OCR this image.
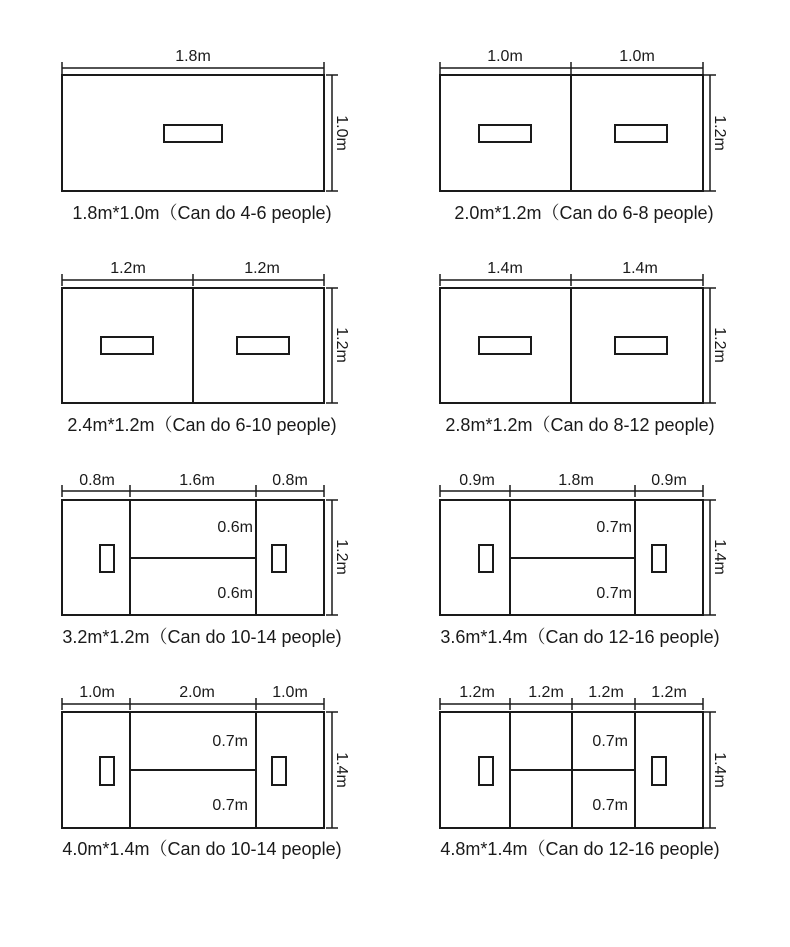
1.8m
1.0m
1.8m*1.0m（Can do 4-6 people)
1.0m	1.0m
1.2m
2.0m*1.2m（Can do 6-8 people)
1.2m	1.2m
1.2m
2.4m*1.2m（Can do 6-10 people)
1.4m	1.4m
1.2m
2.8m*1.2m（Can do 8-12 people)
0.8m	1.6m	0.8m
0.6m
0.6m
1.2m
3.2m*1.2m（Can do 10-14 people)
0.9m	1.8m	0.9m
0.7m
0.7m
1.4m
3.6m*1.4m（Can do 12-16 people)
1.0m	2.0m	1.0m
0.7m
0.7m
1.4m
4.0m*1.4m（Can do 10-14 people)
1.2m 1.2m 1.2m 1.2m
0.7m
0.7m
1.4m
4.8m*1.4m（Can do 12-16 people)
